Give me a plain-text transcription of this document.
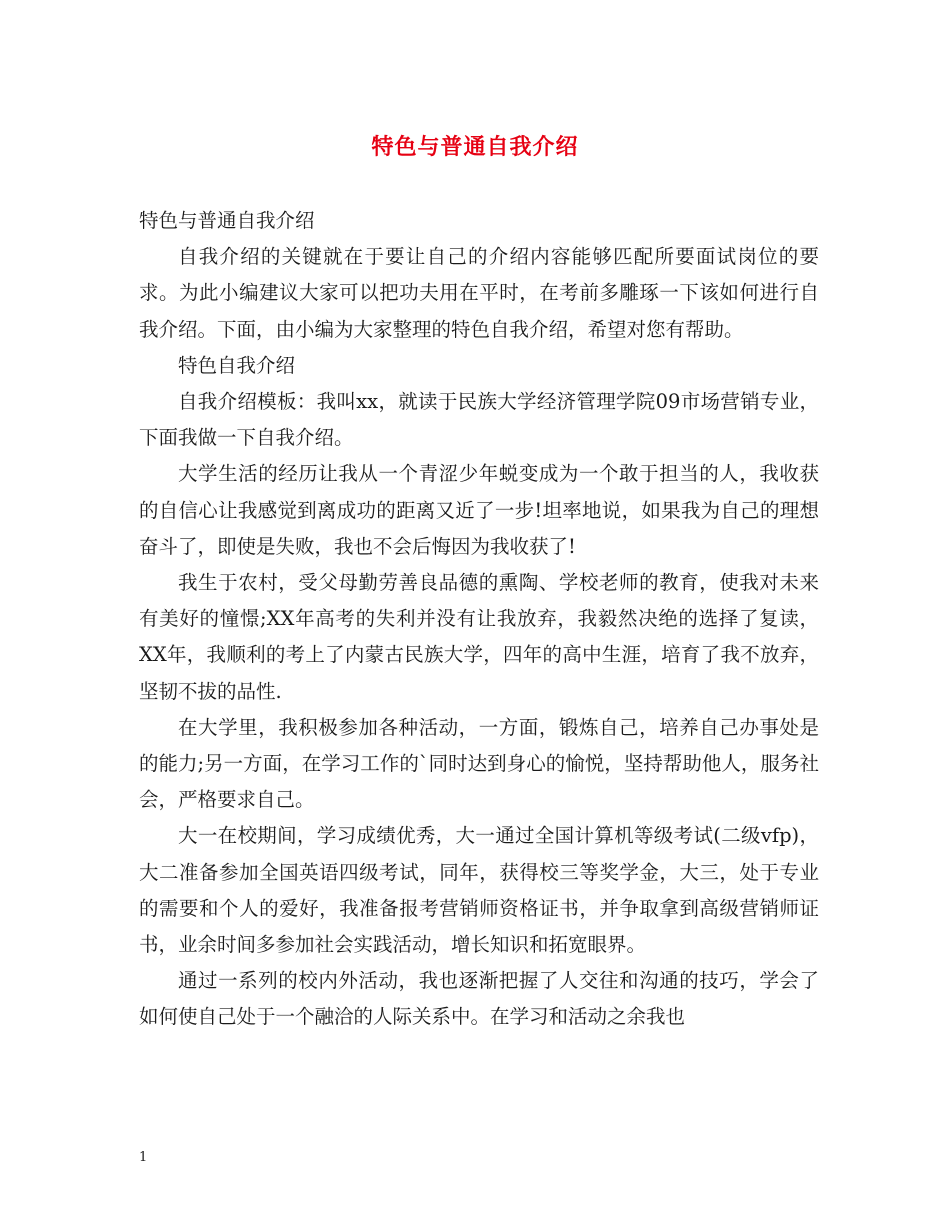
特色与普通自我介绍

特色与普通自我介绍

自我介绍的关键就在于要让自己的介绍内容能够匹配所要面试岗位的要求。为此小编建议大家可以把功夫用在平时，在考前多雕琢一下该如何进行自我介绍。下面，由小编为大家整理的特色自我介绍，希望对您有帮助。

特色自我介绍

自我介绍模板：我叫xx，就读于民族大学经济管理学院09市场营销专业，下面我做一下自我介绍。

大学生活的经历让我从一个青涩少年蜕变成为一个敢于担当的人，我收获的自信心让我感觉到离成功的距离又近了一步!坦率地说，如果我为自己的理想奋斗了，即使是失败，我也不会后悔因为我收获了!

我生于农村，受父母勤劳善良品德的熏陶、学校老师的教育，使我对未来有美好的憧憬;XX年高考的失利并没有让我放弃，我毅然决绝的选择了复读，XX年，我顺利的考上了内蒙古民族大学，四年的高中生涯，培育了我不放弃，坚韧不拔的品性.

在大学里，我积极参加各种活动，一方面，锻炼自己，培养自己办事处是的能力;另一方面，在学习工作的`同时达到身心的愉悦，坚持帮助他人，服务社会，严格要求自己。

大一在校期间，学习成绩优秀，大一通过全国计算机等级考试(二级vfp)，大二准备参加全国英语四级考试，同年，获得校三等奖学金，大三，处于专业的需要和个人的爱好，我准备报考营销师资格证书，并争取拿到高级营销师证书，业余时间多参加社会实践活动，增长知识和拓宽眼界。

通过一系列的校内外活动，我也逐渐把握了人交往和沟通的技巧，学会了如何使自己处于一个融洽的人际关系中。在学习和活动之余我也

1
